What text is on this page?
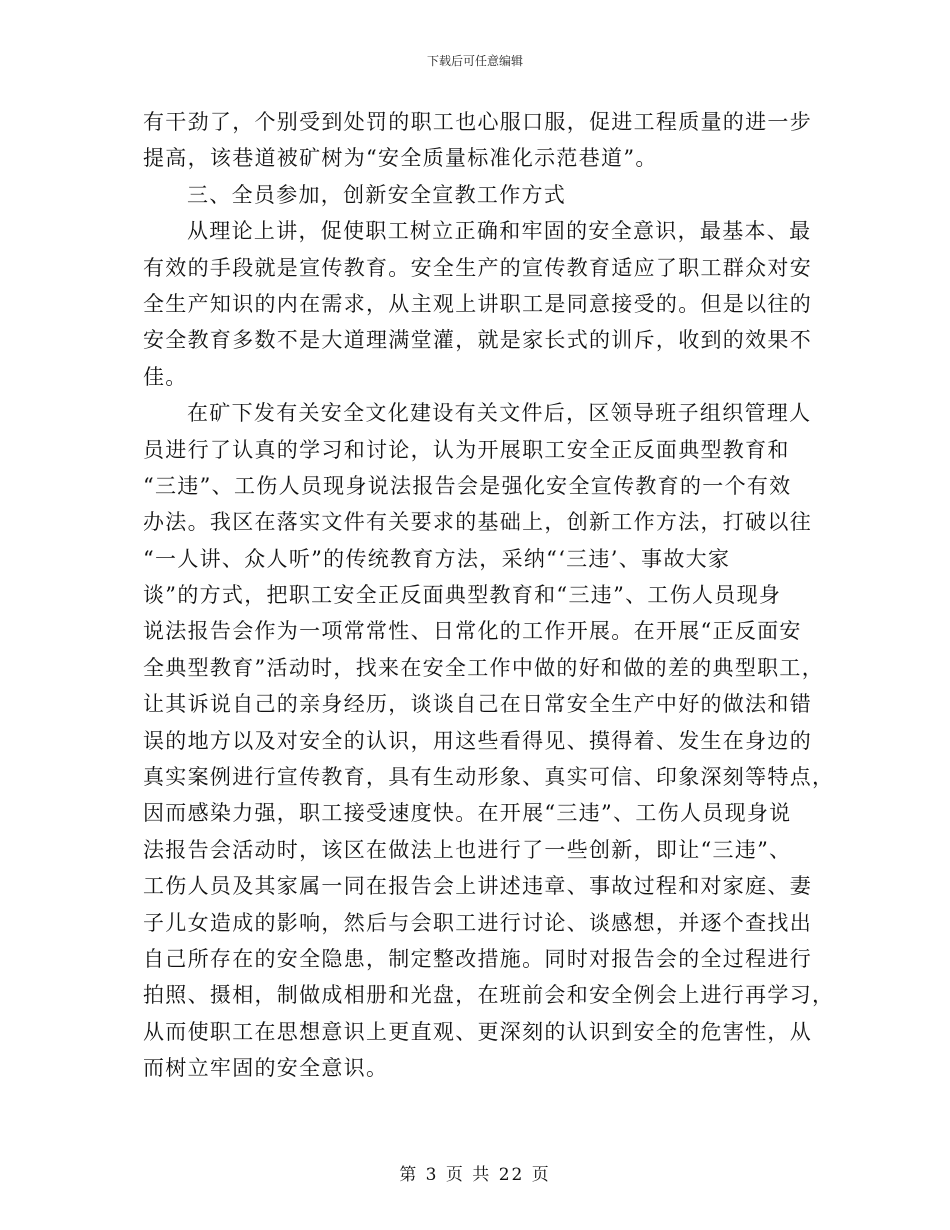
下载后可任意编辑
有干劲了，个别受到处罚的职工也心服口服，促进工程质量的进一步
提高，该巷道被矿树为“安全质量标准化示范巷道”。
三、全员参加，创新安全宣教工作方式
从理论上讲，促使职工树立正确和牢固的安全意识，最基本、最
有效的手段就是宣传教育。安全生产的宣传教育适应了职工群众对安
全生产知识的内在需求，从主观上讲职工是同意接受的。但是以往的
安全教育多数不是大道理满堂灌，就是家长式的训斥，收到的效果不
佳。
在矿下发有关安全文化建设有关文件后，区领导班子组织管理人
员进行了认真的学习和讨论，认为开展职工安全正反面典型教育和
“三违”、工伤人员现身说法报告会是强化安全宣传教育的一个有效
办法。我区在落实文件有关要求的基础上，创新工作方法，打破以往
“一人讲、众人听”的传统教育方法，采纳“‘三违’、事故大家
谈”的方式，把职工安全正反面典型教育和“三违”、工伤人员现身
说法报告会作为一项常常性、日常化的工作开展。在开展“正反面安
全典型教育”活动时，找来在安全工作中做的好和做的差的典型职工，
让其诉说自己的亲身经历，谈谈自己在日常安全生产中好的做法和错
误的地方以及对安全的认识，用这些看得见、摸得着、发生在身边的
真实案例进行宣传教育，具有生动形象、真实可信、印象深刻等特点，
因而感染力强，职工接受速度快。在开展“三违”、工伤人员现身说
法报告会活动时，该区在做法上也进行了一些创新，即让“三违”、
工伤人员及其家属一同在报告会上讲述违章、事故过程和对家庭、妻
子儿女造成的影响，然后与会职工进行讨论、谈感想，并逐个查找出
自己所存在的安全隐患，制定整改措施。同时对报告会的全过程进行
拍照、摄相，制做成相册和光盘，在班前会和安全例会上进行再学习，
从而使职工在思想意识上更直观、更深刻的认识到安全的危害性，从
而树立牢固的安全意识。
第 3 页 共 22 页
